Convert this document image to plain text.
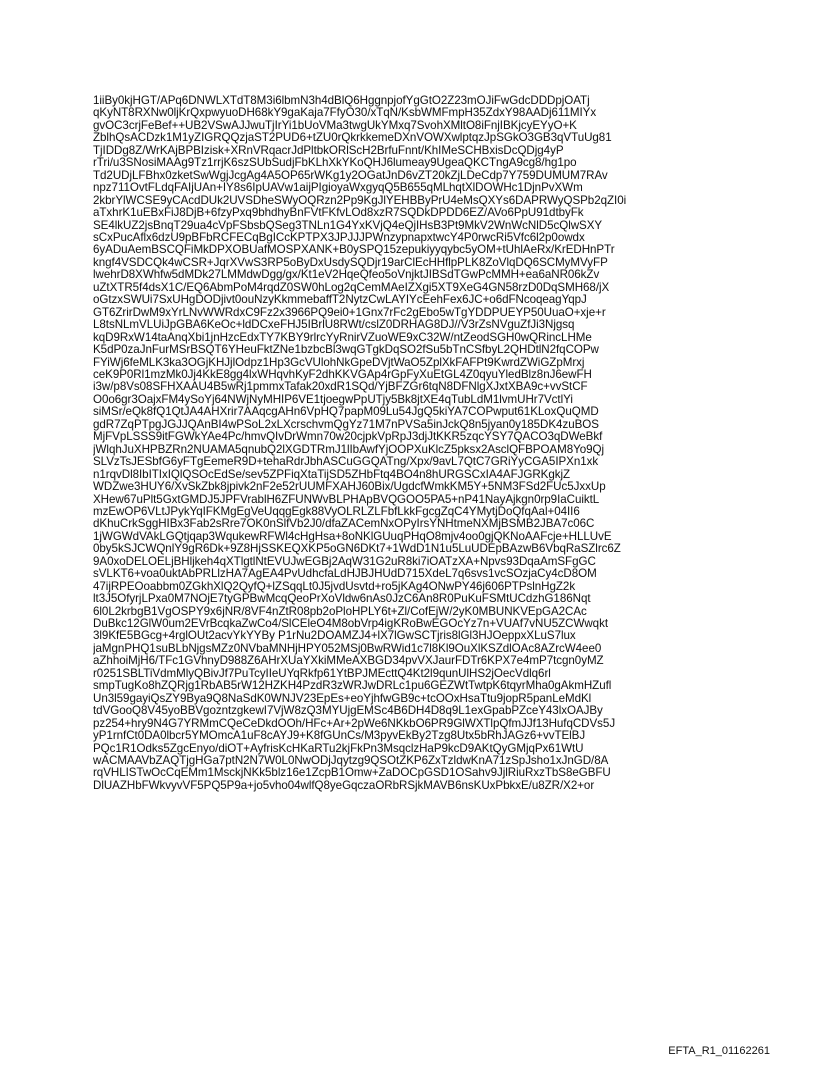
1iiBy0kjHGT/APq6DNWLXTdT8M3i6lbmN3h4dBlQ6HggnpjofYgGtO2Z23mOJiFwGdcDDDpjOATj
qKyNT8RXNw0ljKrQxpwyuoDH68kY9gaKaja7FfyO30/xTqN/KsbWMFmpH35ZdxY98AADj611MIYx
gvOC3crjFeBef++UB2VSwAJJwuTjIrYi1bUoVMa3twgUkYMxq7SvohXMltO8iFnjIBKjcyEYyO+K
ZblhQsACDzk1M1yZIGRQQzjaST2PUD6+tZU0rQkrkkemeDXnVOWXwlptqzJpSGkO3GB3qVTuUg81
TjIDDg8Z/WrKAjBPBIzisk+XRnVRqacrJdPltbkORlScH2BrfuFnnt/KhIMeSCHBxisDcQDjg4yP
rTri/u3SNosiMAAg9Tz1rrjK6szSUbSudjFbKLhXkYKoQHJ6lumeay9UgeaQKCTngA9cg8/hg1po
Td2UDjLFBhx0zketSwWgjJcgAg4A5OP65rWKg1y2OGatJnD6vZT20kZjLDeCdp7Y759DUMUM7RAv
npz711OvtFLdqFAIjUAn+IY8s6IpUAVw1aijPIgioyaWxgyqQ5B655qMLhqtXlDOWHc1DjnPvXWm
2kbrYlWCSE9yCAcdDUk2UVSDheSWyOQRzn2Pp9KgJlYEHBByPrU4eMsQXYs6DAPRWyQSPb2qZI0i
aTxhrK1uEBxFiJ8DjB+6fzyPxq9bhdhyBnFVtFKfvLOd8xzR7SQDkDPDD6EZ/AVo6PpU91dtbyFk
SE4lkUZ2jsBnqT29ua4cVpFSbsbQSeg3TNLn1G4YxKVjQ4eQjIHsB3Pt9MkV2WnWcNlD5cQlwSXY
sCxPucAflx6dzU9pBFbRCFECqBgICcKPTPX3JPJJJPWnzypnapxtwcY4P0rwcRi5Vfc6l2p0owdx
6yADuAemBSCQFiMkDPXOBUafMOSPXANK+B0ySPQ15zepukiyyqybc5yOM+tUhlAeRx/KrEDHnPTr
kngf4VSDCQk4wCSR+JqrXVwS3RP5oByDxUsdySQDjr19arClEcHHflpPLK8ZoVlqDQ6SCMyMVyFP
lwehrD8XWhfw5dMDk27LMMdwDgg/gx/Kt1eV2HqeQfeo5oVnjktJIBSdTGwPcMMH+ea6aNR06kZv
uZtXTR5f4dsX1C/EQ6AbmPoM4rqdZ0SW0hLog2qCemMAeIZXgi5XT9XeG4GN58rzD0DqSMH68/jX
oGtzxSWUi7SxUHgDODjivt0ouNzyKkmmebaffT2NytzCwLAYIYcEehFex6JC+o6dFNcoqeagYqpJ
GT6ZrirDwM9xYrLNvWWRdxC9Fz2x3966PQ9ei0+1Gnx7rFc2gEbo5wTgYDDPUEYP50UuaO+xje+r
L8tsNLmVLUiJpGBA6KeOc+ldDCxeFHJ5IBrlU8RWt/cslZ0DRHAG8DJ//V3rZsNVguZfJi3Njgsq
kqD9RxW14taAnqXbi1jnHzcEdxTY7KBY9rlrcYyRnirVZuoWE9xC32W/ntZeodSGH0wQRincLHMe
K5dP0zaJnFurMSrBSQT6YHeuFktZNe1bzbcBl3wqGTgkDqSO2fSu5bTnCSfbyL2QHDtlN2fqCOPw
FYiWj6feMLK3ka3OGjKHJjlOdpz1Hp3GcVUlohNkGpeDVjtWaO5ZplXkFAFPt9KwrdZWiGZpMrxj
ceK9P0Rl1mzMk0Jj4KkE8gg4lxWHqvhKyF2dhKKVGAp4rGpFyXuEtGL4Z0qyuYledBlz8nJ6ewFH
i3w/p8Vs08SFHXAAU4B5wRj1pmmxTafak20xdR1SQd/YjBFZGr6tqN8DFNlgXJxtXBA9c+vvStCF
O0o6gr3OajxFM4ySoYj64NWjNyMHIP6VE1tjoegwPpUTjy5Bk8jtXE4qTubLdM1lvmUHr7VctlYi
siMSr/eQk8fQ1QtJA4AHXrir7AAqcgAHn6VpHQ7papM09Lu54JgQ5kiYA7COPwput61KLoxQuQMD
gdR7ZqPTpgJGJJQAnBI4wPSoL2xLXcrschvmQgYz71M7nPVSa5inJckQ8n5jyan0y185DK4zuBOS
MjFVpLSSS9itFGWkYAe4Pc/hmvQIvDrWmn70w20cjpkVpRpJ3djJtKKR5zqcYSY7QACO3qDWeBkf
jWlqhJuXHPBZRn2NUAMA5qnubQ2lXGDTRmJ1lIbAwfYjOOPXuKlcZ5pksx2AsclQFBPOAM8Yo9Qj
SLVzTsJESbfG6yFTgEemeR9D+tehaRdrJbhASCuGGQATng/Xpx/9avL7QtC7GRiYyCGA5IPXn1xk
n1rqvDl8IbITIxIQlQSOcEdSe/sev5ZPFiqXtaTijSD5ZHbFtq4BO4n8hURGSCxIA4AFJGRKgkjZ
WDZwe3HUY6/XvSkZbk8jpivk2nF2e52rUUMFXAHJ60Bix/UgdcfWmkKM5Y+5NM3FSd2FUc5JxxUp
XHew67uPlt5GxtGMDJ5JPFVrablH6ZFUNWvBLPHApBVQGOO5PA5+nP41NayAjkgn0rp9IaCuiktL
mzEwOP6VLtJPykYqIFKMgEgVeUqqgEgk88VyOLRLZLFbfLkkFgcgZqC4YMytjDoQfqAal+04II6
dKhuCrkSggHIBx3Fab2sRre7OK0nSlfVb2J0/dfaZACemNxOPyIrsYNHtmeNXMjBSMB2JBA7c06C
1jWGWdVAkLGQtjqap3WqukewRFWl4cHgHsa+8oNKlGUuqPHqO8mjv4oo0gjQKNoAAFcje+HLLUvE
0by5kSJCWQnlY9gR6Dk+9Z8HjSSKEQXKP5oGN6DKt7+1WdD1N1u5LuUDEpBAzwB6VbqRaSZlrc6Z
9A0xoDELOELjBHljkeh4qXTlgtlNtEVUJwEGBj2AqW31G2uR8ki7iOATzXA+Npvs93DqaAmSFgGC
sVLKT6+voa0uktAbPRLlzHA7AgEA4PvUdhcfaLdHJBJHUdD715XdeL7q6svs1vcSOzjaCy4cD8OM
47ijRPEOoabbm0ZGkhXlQ2QyfQ+lZSqqLt0J5jvdUsvtd+ro5jKAg4ONwPY46j606PTPslnHgZ2k
lt3J5OfyrjLPxa0M7NOjE7tyGPBwMcqQeoPrXoVldw6nAs0JzC6An8R0PuKuFSMtUCdzhG186Nqt
6l0L2krbgB1VgOSPY9x6jNR/8VF4nZtR08pb2oPloHPLY6t+Zl/CofEjW/2yK0MBUNKVEpGA2CAc
DuBkc12GlW0um2EVrBcqkaZwCo4/SlCEleO4M8obVrp4igKRoBwEGOcYz7n+VUAf7vNU5ZCWwqkt
3l9KfE5BGcg+4rglOUt2acvYkYYBy P1rNu2DOAMZJ4+lX7lGwSCTjris8lGl3HJOeppxXLuS7lux
jaMgnPHQ1suBLbNjgsMZz0NVbaMNHjHPY052MSj0BwRWid1c7l8Kl9OuXlKSZdlOAc8AZrcW4ee0
aZhhoiMjH6/TFc1GVhnyD988Z6AHrXUaYXkiMMeAXBGD34pvVXJaurFDTr6KPX7e4mP7tcgn0yMZ
r0251SBLTiVdmMlyQBivJf7PuTcyIIeUYqRkfp61YtBPJMEcttQ4Kt2l9qunUlHS2jOecVdlq6rl
smpTugKo8hZQRjg1RbAB5rW12HZKH4PzdR3zWRJwDRLc1pu6GEZWtTwtpK6tqyrMha0gAkmHZufl
Un3l59gayiQsZY9Bya9Q8NaSdK0WNJV23EpEs+eoYjhfwGB9c+tcOOxHsaTtu9jopR5panLeMdKl
tdVGooQ8V45yoBBVgozntzgkewI7VjW8zQ3MYUjgEMSc4B6DH4D8q9L1exGpabPZceY43lxOAJBy
pz254+hry9N4G7YRMmCQeCeDkdOOh/HFc+Ar+2pWe6NKkbO6PR9GlWXTlpQfmJJf13HufqCDVs5J
yP1rnfCt0DA0lbcr5YMOmcA1uF8cAYJ9+K8fGUnCs/M3pyvEkBy2Tzg8Utx5bRhJAGz6+vvTElBJ
PQc1R1Odks5ZgcEnyo/diOT+AyfrisKcHKaRTu2kjFkPn3MsqclzHaP9kcD9AKtQyGMjqPx61WtU
wACMAAVbZAQTjgHGa7ptN2N7W0L0NwODjJqytzg9QSOtZKP6ZxTzldwKnA71zSpJsho1xJnGD/8A
rqVHLISTwOcCqEMm1MsckjNKk5blz16e1ZcpB1Omw+ZaDOCpGSD1OSahv9JjlRiuRxzTbS8eGBFU
DlUAZHbFWkvyvVF5PQ5P9a+jo5vho04wlfQ8yeGqczaORbRSjkMAVB6nsKUxPbkxE/u8ZR/X2+or
EFTA_R1_01162261
